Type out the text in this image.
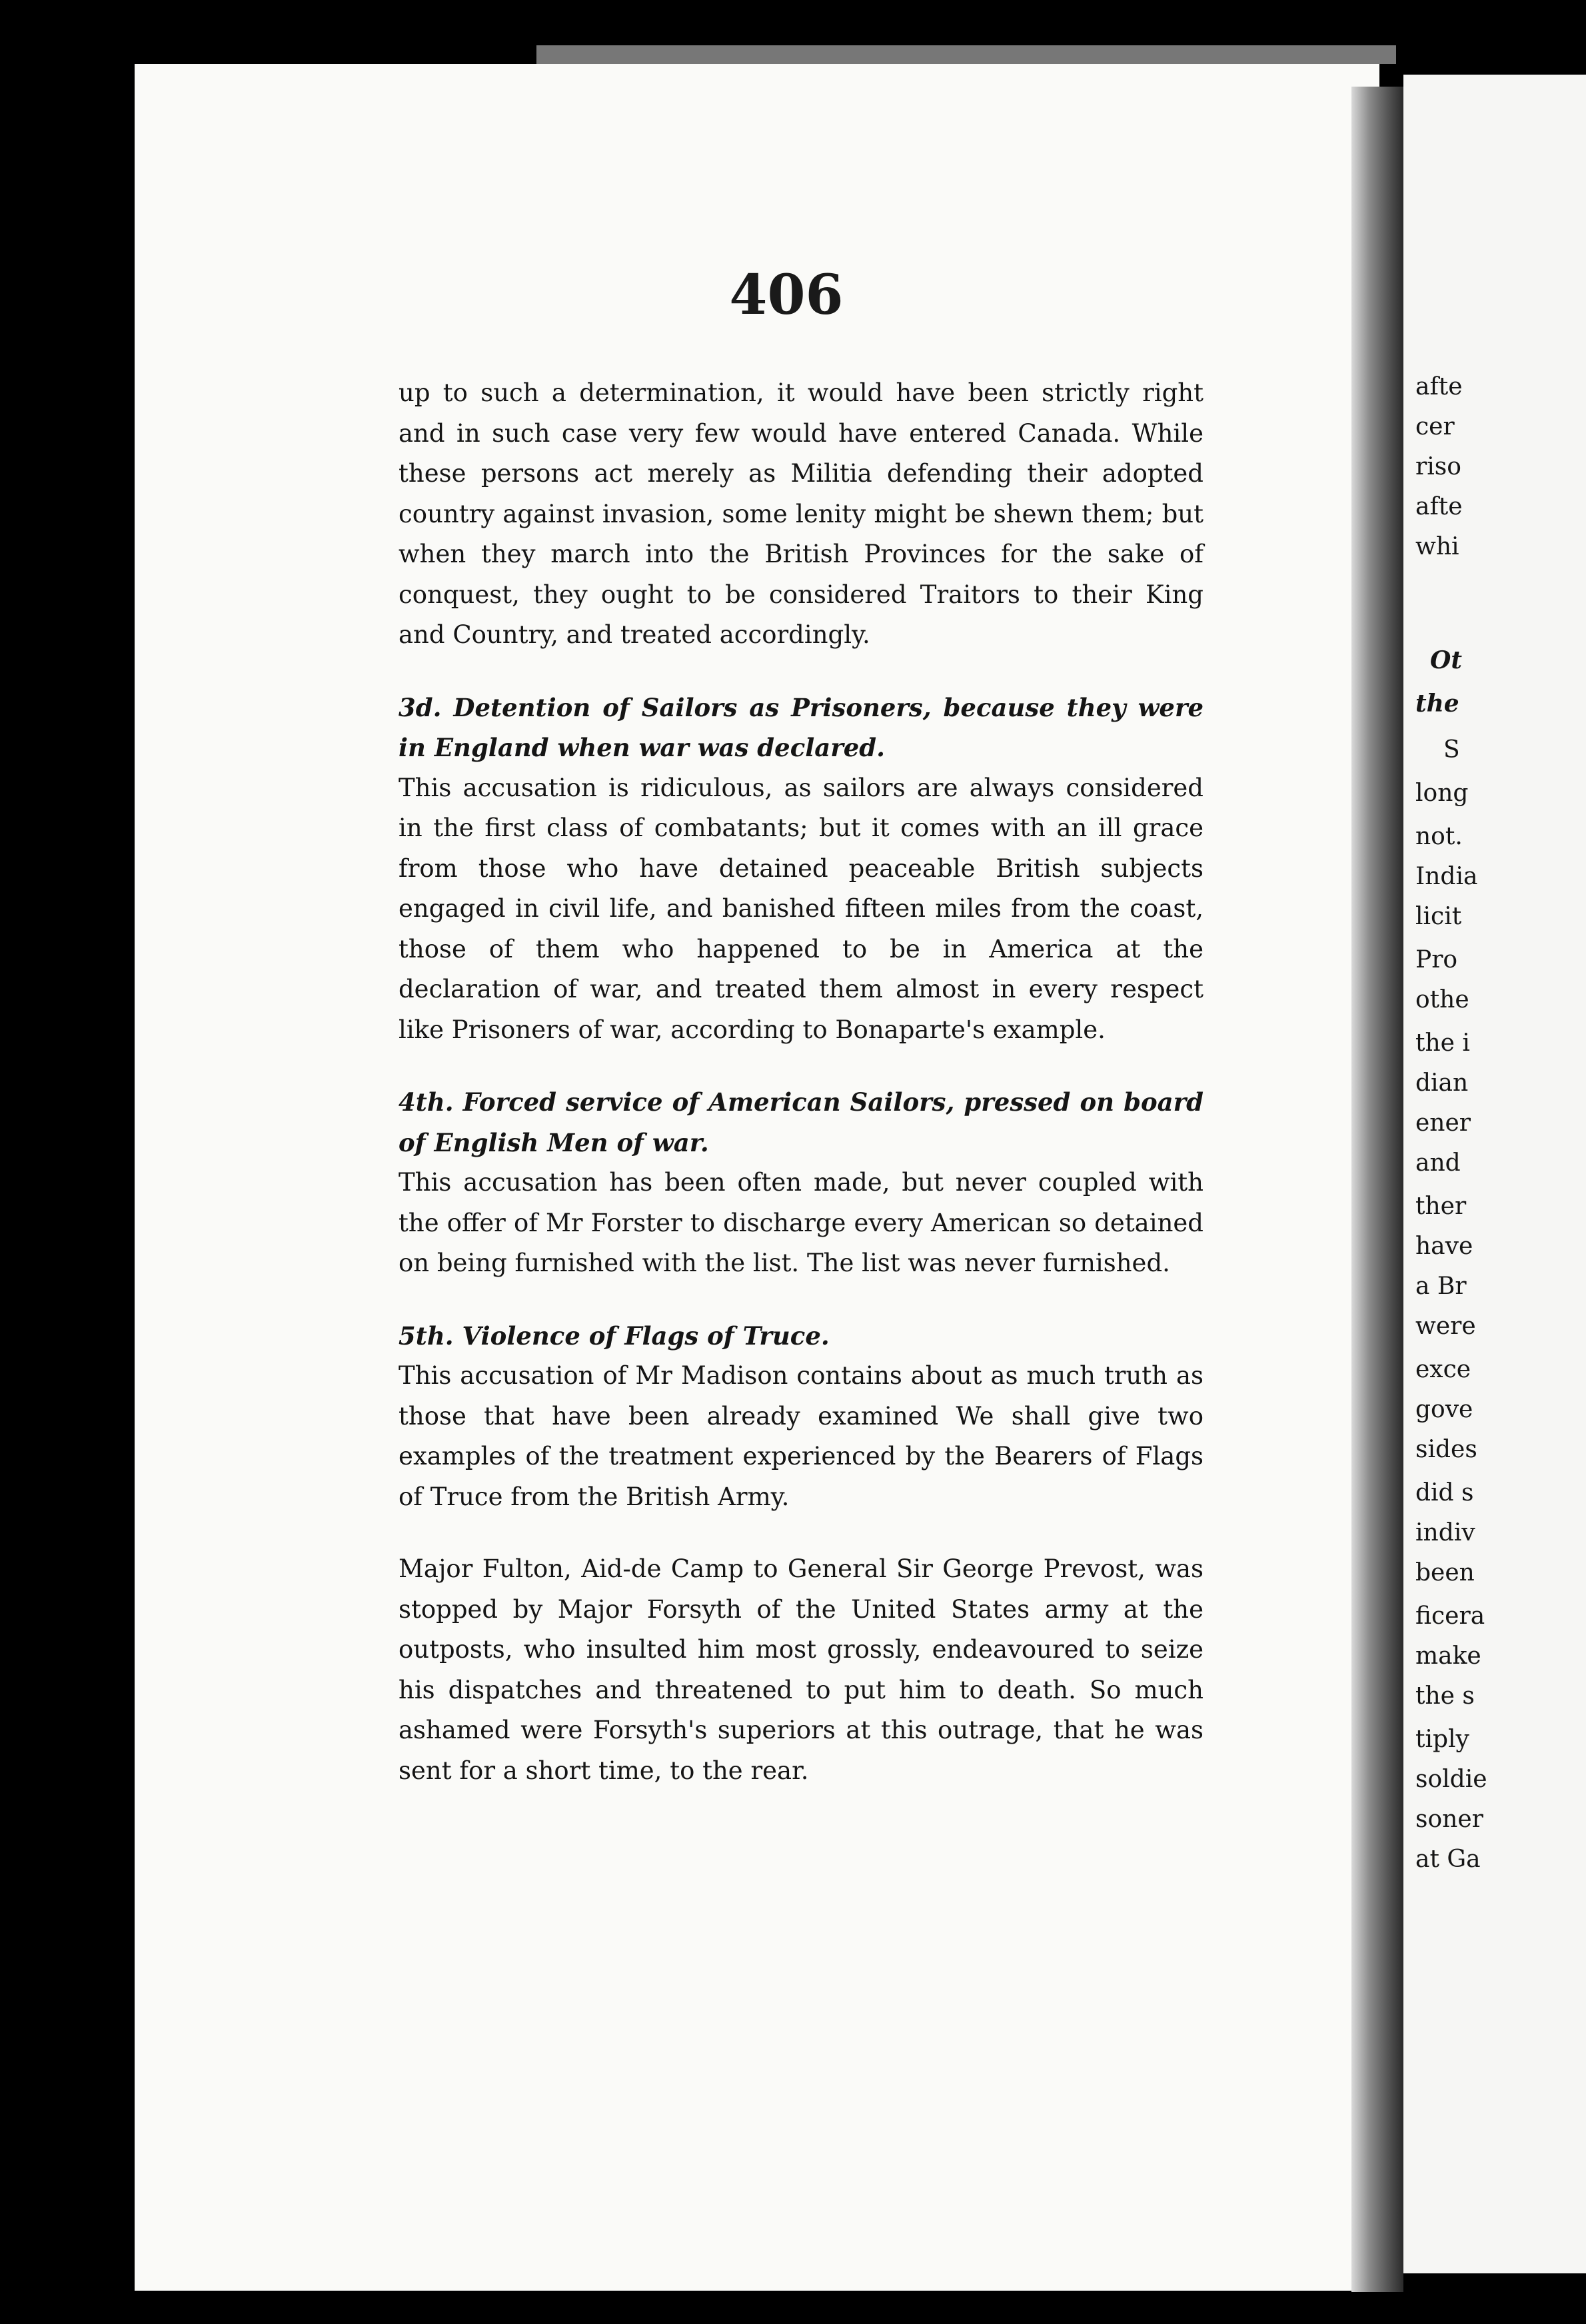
afte
cer
riso
afte
whi
Ot
the
S
long
not.
India
licit
Pro
othe
the i
dian
ener
and
ther
have
a Br
were
exce
gove
sides
did s
indiv
been
ficera
make
the s
tiply
soldie
soner
at Ga
406

up to such a determination, it would have been strictly right and in such case very few would have entered Canada. While these persons act merely as Militia defending their adopted country against invasion, some lenity might be shewn them; but when they march into the British Provinces for the sake of conquest, they ought to be considered Traitors to their King and Country, and treated accordingly.

3d. Detention of Sailors as Prisoners, because they were in England when war was declared.

This accusation is ridiculous, as sailors are always considered in the first class of combatants; but it comes with an ill grace from those who have detained peaceable British subjects engaged in civil life, and banished fifteen miles from the coast, those of them who happened to be in America at the declaration of war, and treated them almost in every respect like Prisoners of war, according to Bonaparte's example.

4th. Forced service of American Sailors, pressed on board of English Men of war.

This accusation has been often made, but never coupled with the offer of Mr Forster to discharge every American so detained on being furnished with the list. The list was never furnished.

5th. Violence of Flags of Truce.

This accusation of Mr Madison contains about as much truth as those that have been already examined We shall give two examples of the treatment experienced by the Bearers of Flags of Truce from the British Army.

Major Fulton, Aid-de Camp to General Sir George Prevost, was stopped by Major Forsyth of the United States army at the outposts, who insulted him most grossly, endeavoured to seize his dispatches and threatened to put him to death. So much ashamed were Forsyth's superiors at this outrage, that he was sent for a short time, to the rear.
